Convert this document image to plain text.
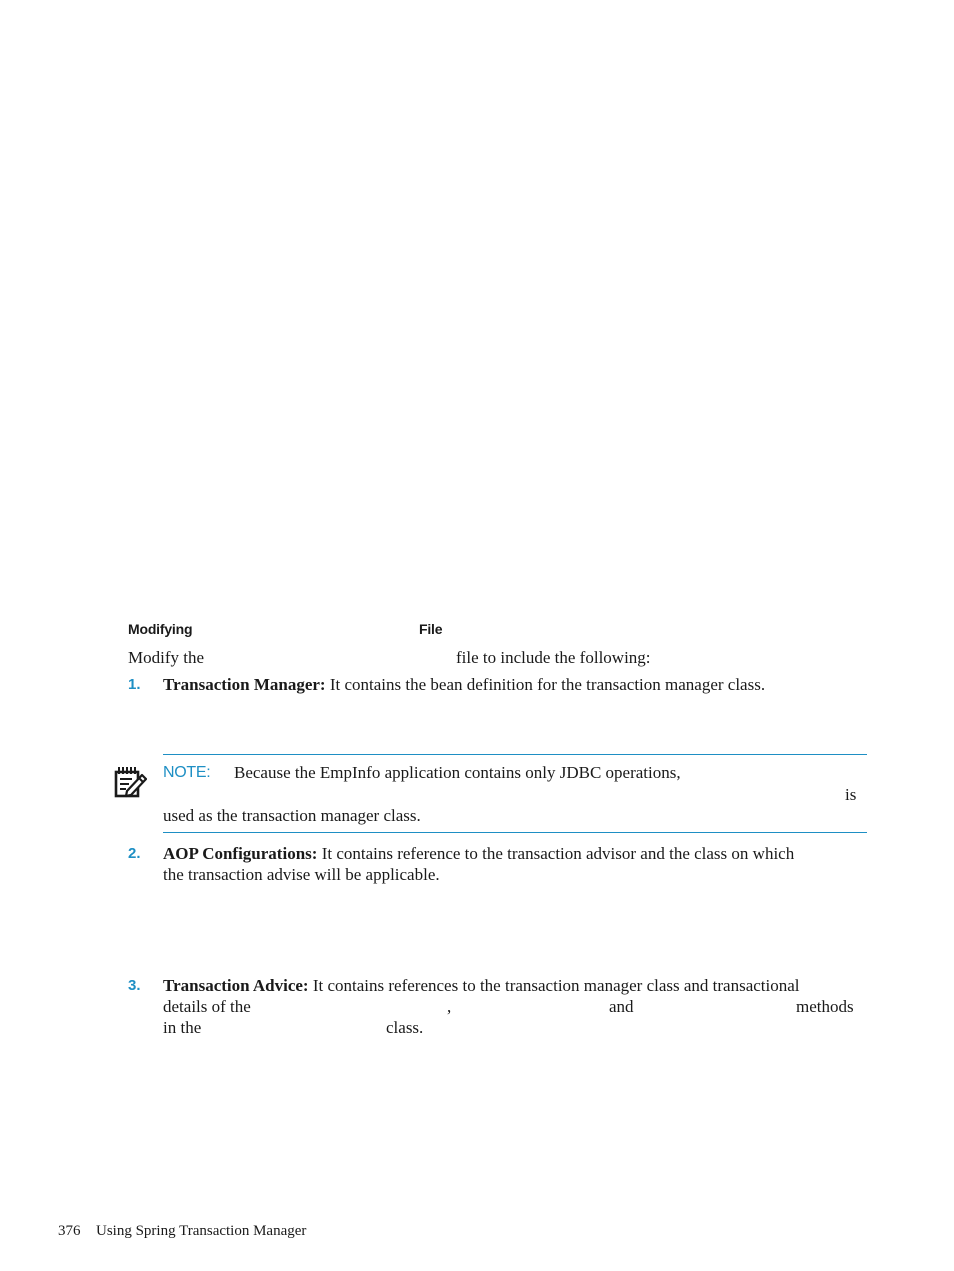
Modifying	File
Modify the	file to include the following:
1. Transaction Manager: It contains the bean definition for the transaction manager class.
NOTE: Because the EmpInfo application contains only JDBC operations,
is
used as the transaction manager class.
2. AOP Configurations: It contains reference to the transaction advisor and the class on which
the transaction advise will be applicable.
3. Transaction Advice: It contains references to the transaction manager class and transactional
details of the	,	and	methods
in the	class.
376 Using Spring Transaction Manager
